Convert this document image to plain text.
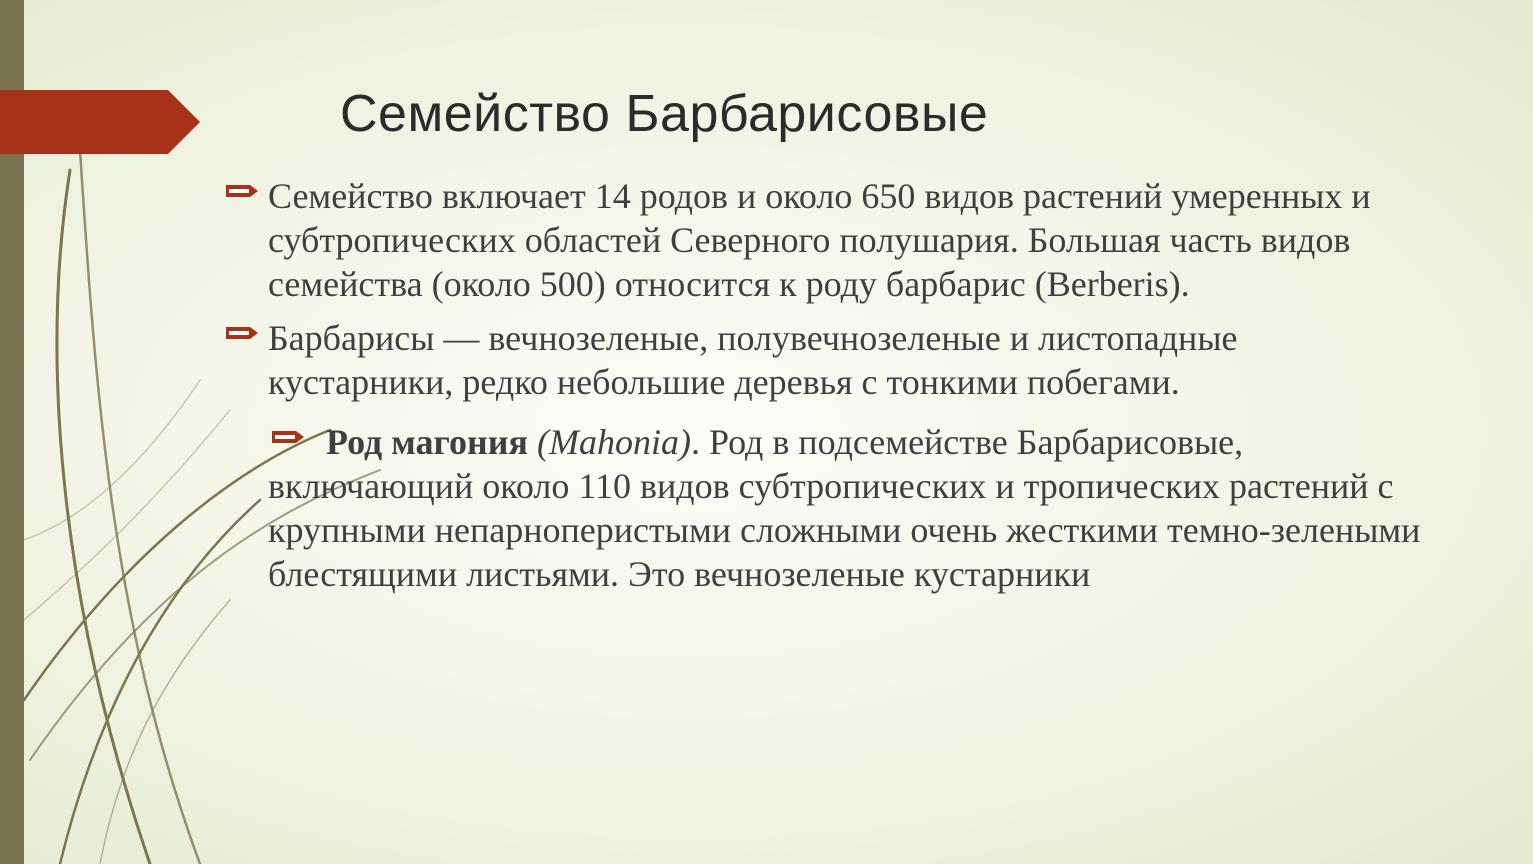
Семейство Барбарисовые
Семейство включает 14 родов и около 650 видов растений умеренных и субтропических областей Северного полушария. Большая часть видов семейства (около 500) относится к роду барбарис (Berberis).
Барбарисы — вечнозеленые, полувечнозеленые и листопадные кустарники, редко небольшие деревья с тонкими побегами.
Род магония (Mahonia). Род в подсемействе Барбарисовые, включающий около 110 видов субтропических и тропических растений с крупными непарноперистыми сложными очень жесткими темно-зелеными блестящими листьями. Это вечнозеленые кустарники
